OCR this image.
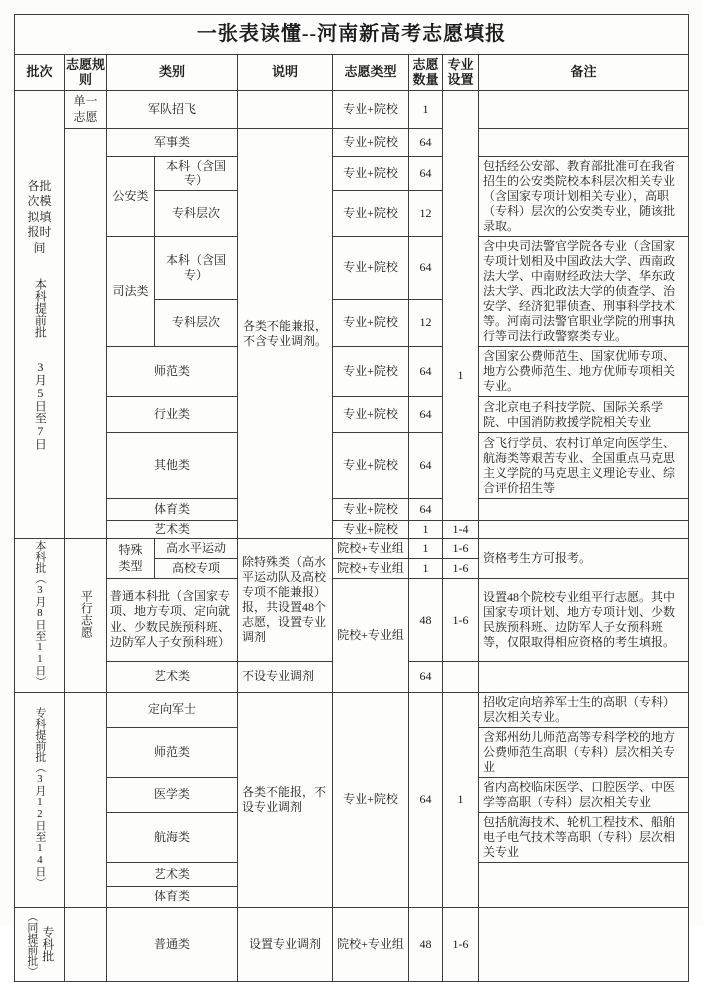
一张表读懂--河南新高考志愿填报								
批次	志愿规则	类别		说明	志愿类型	志愿数量	专业设置	备注

各批次模拟填报时间
本科提前批
3月5日至7日	单一志愿	军队招飞			专业+院校	1	1	
		军事类		各类不能兼报，不含专业调剂。	专业+院校	64		
		公安类	本科（含国专）		专业+院校	64		包括经公安部、教育部批准可在我省招生的公安类院校本科层次相关专业（含国家专项计划相关专业），高职（专科）层次的公安类专业，随该批录取。
			专科层次		专业+院校	12		
		司法类	本科（含国专）		专业+院校	64		含中央司法警官学院各专业（含国家专项计划相及中国政法大学、西南政法大学、中南财经政法大学、华东政法大学、西北政法大学的侦查学、治安学、经济犯罪侦查、刑事科学技术等。河南司法警官职业学院的刑事执行等司法行政警察类专业。
			专科层次		专业+院校	12		
		师范类			专业+院校	64		含国家公费师范生、国家优师专项、地方公费师范生、地方优师专项相关专业。
		行业类			专业+院校	64		含北京电子科技学院、国际关系学院、中国消防救援学院相关专业
		其他类			专业+院校	64		含飞行学员、农村订单定向医学生、航海类等艰苦专业、全国重点马克思主义学院的马克思主义理论专业、综合评价招生等
		体育类			专业+院校	64		
		艺术类			专业+院校	1	1-4	
本科批（3月8日至11日）	平行志愿	特殊类型	高水平运动	除特殊类（高水平运动队及高校专项不能兼报）报，共设置48个志愿，设置专业调剂	院校+专业组	1	1-6	资格考生方可报考。
			高校专项		院校+专业组	1	1-6	
		普通本科批（含国家专项、地方专项、定向就业、少数民族预科班、边防军人子女预科班）			院校+专业组	48	1-6	设置48个院校专业组平行志愿。其中国家专项计划、地方专项计划、少数民族预科班、边防军人子女预科班等，仅限取得相应资格的考生填报。
		艺术类		不设专业调剂		64		
专科提前批（3月12日至14日）		定向军士		各类不能报，不设专业调剂	专业+院校	64	1	招收定向培养军士生的高职（专科）层次相关专业。
		师范类						含郑州幼儿师范高等专科学校的地方公费师范生高职（专科）层次相关专业
		医学类						省内高校临床医学、口腔医学、中医学等高职（专科）层次相关专业
		航海类						包括航海技术、轮机工程技术、船舶电子电气技术等高职（专科）层次相关专业
		艺术类						
		体育类						

（同提前批） 专科批		普通类		设置专业调剂	院校+专业组	48	1-6	
